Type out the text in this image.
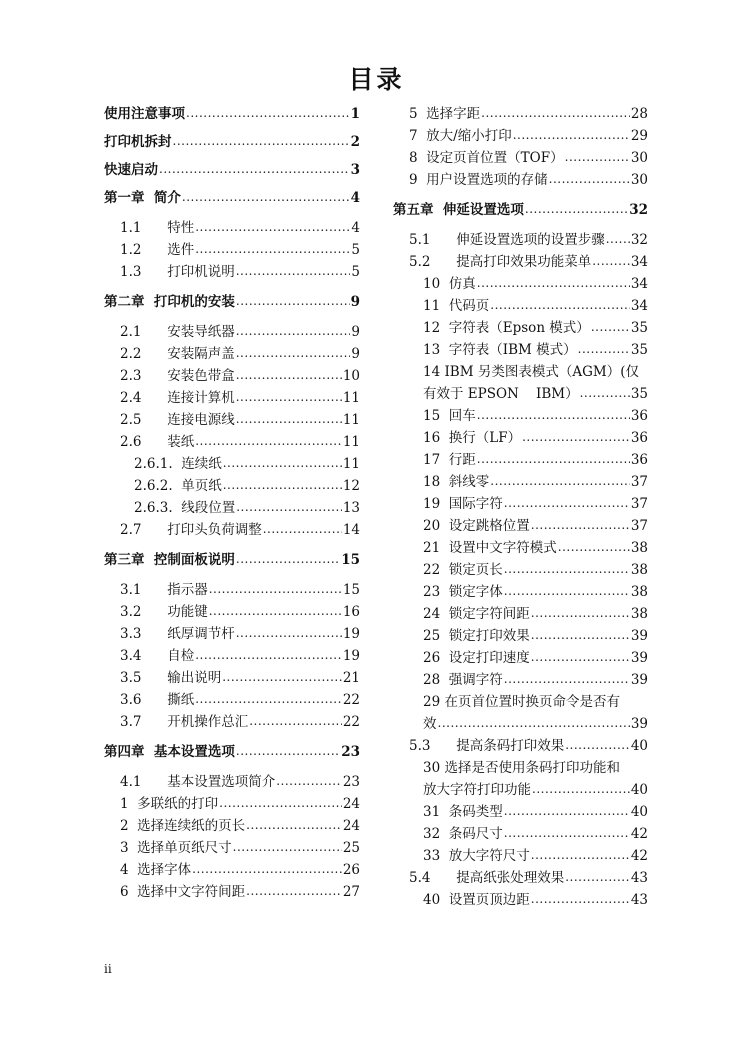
目录
使用注意事项 .....	1
打印机拆封 .....	2
快速启动 .....	3
第一章  简介 .....	4
1.1      特性 .....	4
1.2      选件 .....	5
1.3      打印机说明 .....	5
第二章  打印机的安装 .....	9
2.1      安装导纸器 .....	9
2.2      安装隔声盖 .....	9
2.3      安装色带盒 .....	10
2.4      连接计算机 .....	11
2.5      连接电源线 .....	11
2.6      装纸 .....	11
2.6.1.  连续纸 .....	11
2.6.2.  单页纸 .....	12
2.6.3.  线段位置 .....	13
2.7      打印头负荷调整 .....	14
第三章  控制面板说明 .....	15
3.1      指示器 .....	15
3.2      功能键 .....	16
3.3      纸厚调节杆 .....	19
3.4      自检 .....	19
3.5      输出说明 .....	21
3.6      撕纸 .....	22
3.7      开机操作总汇 .....	22
第四章  基本设置选项 .....	23
4.1      基本设置选项简介 .....	23
1  多联纸的打印 .....	24
2  选择连续纸的页长 .....	24
3  选择单页纸尺寸 .....	25
4  选择字体 .....	26
6  选择中文字符间距 .....	27
5  选择字距 .....	28
7  放大/缩小打印 .....	29
8  设定页首位置（TOF） .....	30
9  用户设置选项的存储 .....	30
第五章  伸延设置选项 .....	32
5.1      伸延设置选项的设置步骤 ..... 32
5.2      提高打印效果功能菜单 .....	34
10  仿真 .....	34
11  代码页 .....	34
12  字符表（Epson 模式） .....	35
13  字符表（IBM 模式） .....	35
14 IBM 另类图表模式（AGM）(仅
有效于 EPSON    IBM） .....	35
15  回车 .....	36
16  换行（LF） .....	36
17  行距 .....	36
18  斜线零 .....	37
19  国际字符 .....	37
20  设定跳格位置 .....	37
21  设置中文字符模式 .....	38
22  锁定页长 .....	38
23  锁定字体 .....	38
24  锁定字符间距 .....	38
25  锁定打印效果 .....	39
26  设定打印速度 .....	39
28  强调字符 .....	39
29 在页首位置时换页命令是否有
效 .....	39
5.3      提高条码打印效果 .....	40
30 选择是否使用条码打印功能和
放大字符打印功能 .....	40
31  条码类型 .....	40
32  条码尺寸 .....	42
33  放大字符尺寸 .....	42
5.4      提高纸张处理效果 .....	43
40  设置页顶边距 .....	43
ii
